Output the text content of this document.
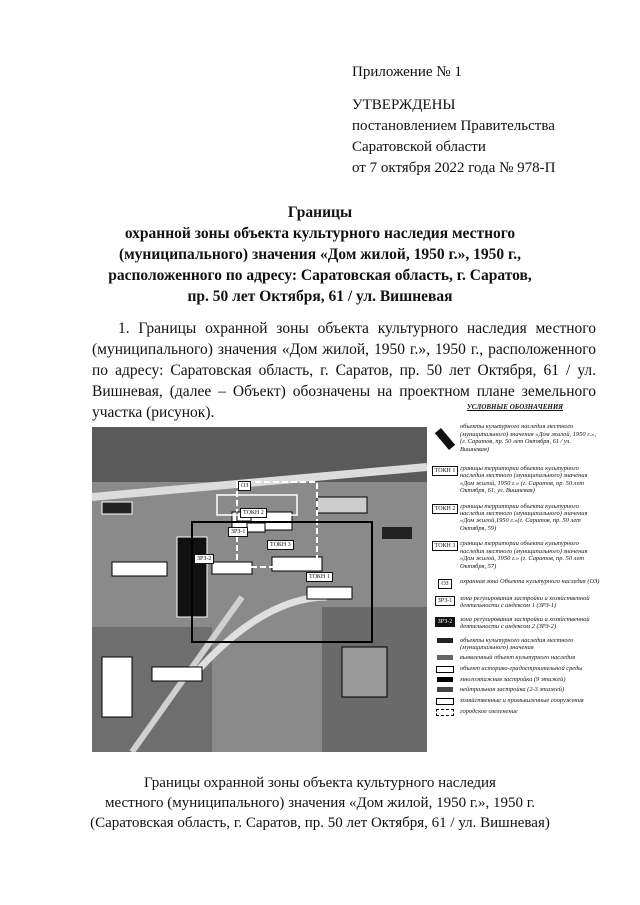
Приложение № 1
УТВЕРЖДЕНЫ
постановлением Правительства
Саратовской области
от 7 октября 2022 года № 978-П
Границы
охранной зоны объекта культурного наследия местного
(муниципального) значения «Дом жилой, 1950 г.», 1950 г.,
расположенного по адресу: Саратовская область, г. Саратов,
пр. 50 лет Октября, 61 / ул. Вишневая
1. Границы охранной зоны объекта культурного наследия местного (муниципального) значения «Дом жилой, 1950 г.», 1950 г., расположенного по адресу: Саратовская область, г. Саратов, пр. 50 лет Октября, 61 / ул. Вишневая, (далее – Объект) обозначены на проектном плане земельного участка (рисунок).
ОЗ
ЗРЗ-2
ЗРЗ-1
ТОКН 2
ТОКН 3
ТОКН 1
УСЛОВНЫЕ ОБОЗНАЧЕНИЯ
объекты культурного наследия местного (муниципального) значения «Дом жилой, 1950 г.», (г. Саратов, пр. 50 лет Октября, 61 / ул. Вишневая)
ТОКН 1 границы территории объекта культурного наследия местного (муниципального) значения «Дом жилой, 1950 г.» (г. Саратов, пр. 50 лет Октября, 61, ул. Вишневая)
ТОКН 2 границы территории объекта культурного наследия местного (муниципального) значения «Дом жилой,1950 г.»(г. Саратов, пр. 50 лет Октября, 59)
ТОКН 3 границы территории объекта культурного наследия местного (муниципального) значения «Дом жилой, 1950 г.» (г. Саратов, пр. 50 лет Октября, 57)
ОЗ	охранная зона Объекта культурного наследия (ОЗ)
ЗРЗ-1	зона регулирования застройки и хозяйственной деятельности с индексом 1 (ЗРЗ-1)
ЗРЗ-2	зона регулирования застройки и хозяйственной деятельности с индексом 2 (ЗРЗ-2)
объекты культурного наследия местного (муниципального) значения
выявленный объект культурного наследия
объект историко-градостроительной среды
многоэтажная застройка (9 этажей)
нейтральная застройка (2-3 этажей)
хозяйственные и промышленные сооружения
городское озеленение
Границы охранной зоны объекта культурного наследия
местного (муниципального) значения «Дом жилой, 1950 г.», 1950 г.
(Саратовская область, г. Саратов, пр. 50 лет Октября, 61 / ул. Вишневая)
